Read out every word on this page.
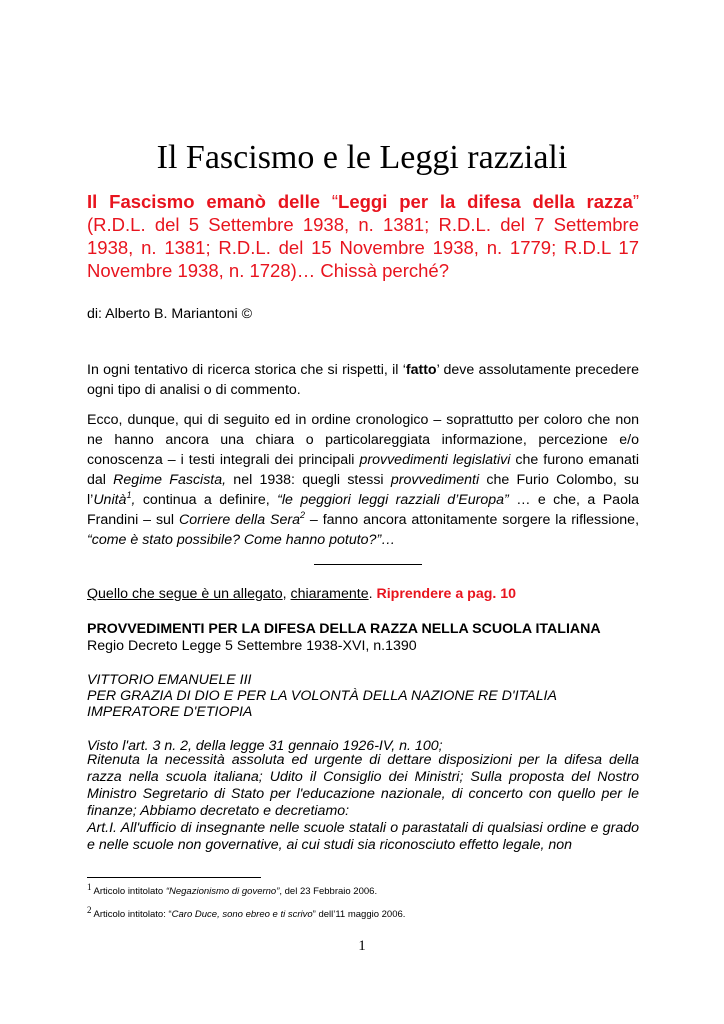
Il Fascismo e le Leggi razziali

Il Fascismo emanò delle “Leggi per la difesa della razza” (R.D.L. del 5 Settembre 1938, n. 1381; R.D.L. del 7 Settembre 1938, n. 1381; R.D.L. del 15 Novembre 1938, n. 1779; R.D.L 17 Novembre 1938, n. 1728)… Chissà perché?

di: Alberto B. Mariantoni ©

In ogni tentativo di ricerca storica che si rispetti, il ‘fatto’ deve assolutamente precedere ogni tipo di analisi o di commento.

Ecco, dunque, qui di seguito ed in ordine cronologico – soprattutto per coloro che non ne hanno ancora una chiara o particolareggiata informazione, percezione e/o conoscenza – i testi integrali dei principali provvedimenti legislativi che furono emanati dal Regime Fascista, nel 1938: quegli stessi provvedimenti che Furio Colombo, su l’Unità$^1$, continua a definire, “le peggiori leggi razziali d’Europa” … e che, a Paola Frandini – sul Corriere della Sera$^2$ – fanno ancora attonitamente sorgere la riflessione, “come è stato possibile? Come hanno potuto?”…

Quello che segue è un allegato, chiaramente. Riprendere a pag. 10

PROVVEDIMENTI PER LA DIFESA DELLA RAZZA NELLA SCUOLA ITALIANA

Regio Decreto Legge 5 Settembre 1938-XVI, n.1390

VITTORIO EMANUELE III

PER GRAZIA DI DIO E PER LA VOLONTÀ DELLA NAZIONE RE D'ITALIA

IMPERATORE D'ETIOPIA

Visto l'art. 3 n. 2, della legge 31 gennaio 1926-IV, n. 100;

Ritenuta la necessità assoluta ed urgente di dettare disposizioni per la difesa della razza nella scuola italiana; Udito il Consiglio dei Ministri; Sulla proposta del Nostro Ministro Segretario di Stato per l'educazione nazionale, di concerto con quello per le finanze; Abbiamo decretato e decretiamo:

Art.I. All'ufficio di insegnante nelle scuole statali o parastatali di qualsiasi ordine e grado e nelle scuole non governative, ai cui studi sia riconosciuto effetto legale, non

$^1$ Articolo intitolato “Negazionismo di governo”, del 23 Febbraio 2006.
$^2$ Articolo intitolato: “Caro Duce, sono ebreo e ti scrivo” dell’11 maggio 2006.
1
